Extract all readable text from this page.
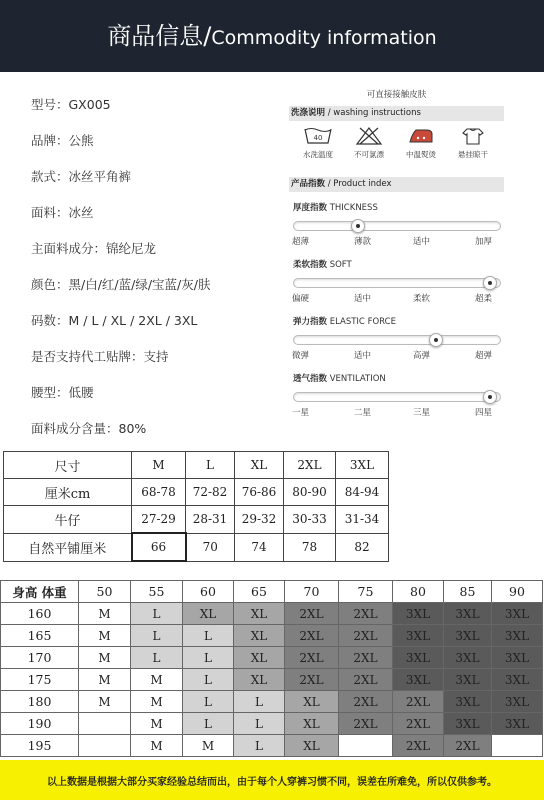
商品信息/Commodity information
型号：GX005
品牌：公熊
款式：冰丝平角裤
面料：冰丝
主面料成分：锦纶尼龙
颜色：黑/白/红/蓝/绿/宝蓝/灰/肤
码数：M / L / XL / 2XL / 3XL
是否支持代工贴牌：支持
腰型：低腰
面料成分含量：80%
可直接接触皮肤
洗涤说明 / washing instructions
40
水洗温度	不可氯漂	中温熨烫	悬挂晾干
产品指数 / Product index
厚度指数 THICKNESS
超薄	薄款	适中	加厚
柔软指数 SOFT
偏硬	适中	柔软	超柔
弹力指数 ELASTIC FORCE
微弹	适中	高弹	超弹
透气指数 VENTILATION
一星	二星	三星	四星
尺寸	M	L	XL	2XL	3XL
厘米cm	68-78	72-82	76-86	80-90	84-94
牛仔	27-29	28-31	29-32	30-33	31-34
自然平铺厘米	66	70	74	78	82
身高 体重	50	55	60	65	70	75	80	85	90
160	M	L	XL	XL	2XL	2XL	3XL	3XL	3XL
165	M	L	L	XL	2XL	2XL	3XL	3XL	3XL
170	M	L	L	XL	2XL	2XL	3XL	3XL	3XL
175	M	M	L	XL	2XL	2XL	3XL	3XL	3XL
180	M	M	L	L	XL	2XL	2XL	3XL	3XL
190		M	L	L	XL	2XL	2XL	3XL	3XL
195		M	M	L	XL		2XL	2XL	
以上数据是根据大部分买家经验总结而出，由于每个人穿裤习惯不同，误差在所难免，所以仅供参考。
